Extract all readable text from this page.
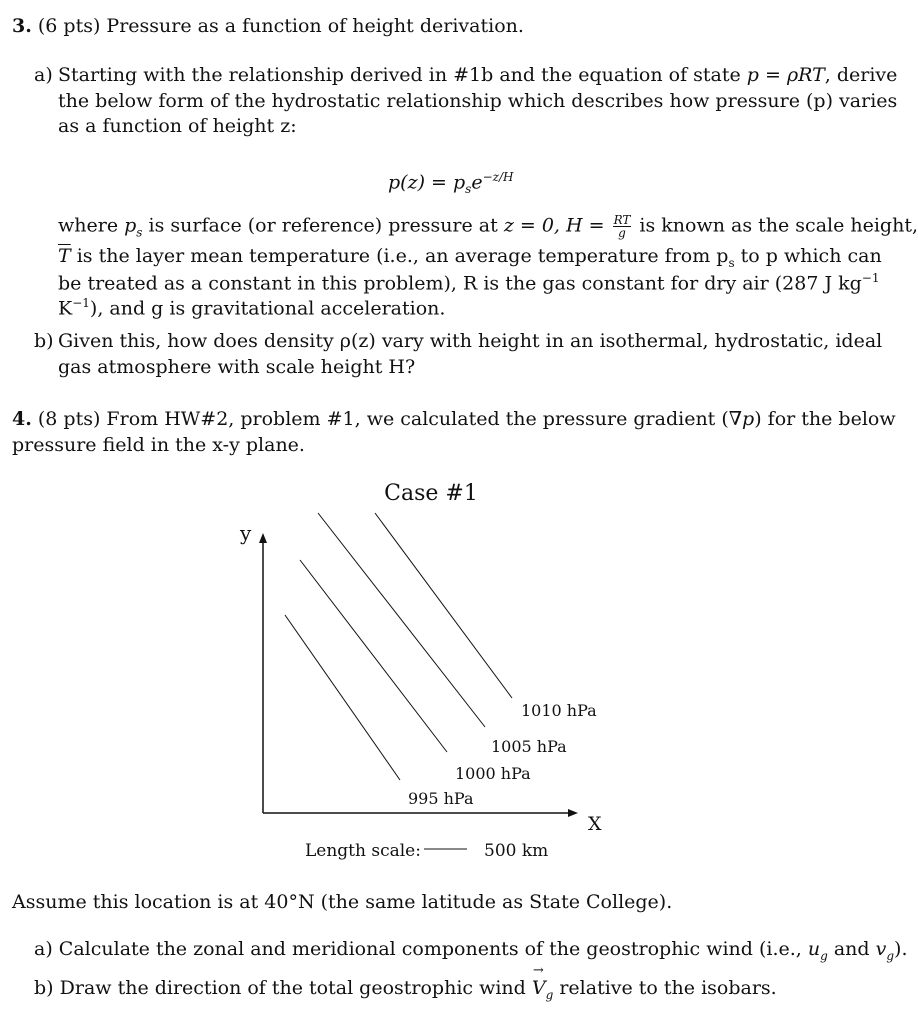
3. (6 pts) Pressure as a function of height derivation.
a) Starting with the relationship derived in #1b and the equation of state p = ρRT, derive
the below form of the hydrostatic relationship which describes how pressure (p) varies
as a function of height z:
$p(z) = p_se^{-z/H}$
where $p_s$ is surface (or reference) pressure at z = 0, $H = \frac{RT}{g}$ is known as the scale height,
$\overline{T}$ is the layer mean temperature (i.e., an average temperature from $p_s$ to p which can
be treated as a constant in this problem), R is the gas constant for dry air (287 J $kg^{-1}$
$K^{-1}$), and g is gravitational acceleration.
b) Given this, how does density ρ(z) vary with height in an isothermal, hydrostatic, ideal
gas atmosphere with scale height H?
4. (8 pts) From HW#2, problem #1, we calculated the pressure gradient (∇p) for the below
pressure field in the x-y plane.
Case #1
y
X
995 hPa
1000 hPa
1005 hPa
1010 hPa
Length scale:	500 km
Assume this location is at 40°N (the same latitude as State College).
a) Calculate the zonal and meridional components of the geostrophic wind (i.e., $u_g$ and $v_g$).
b) Draw the direction of the total geostrophic wind
→
$V_g$ relative to the isobars.
